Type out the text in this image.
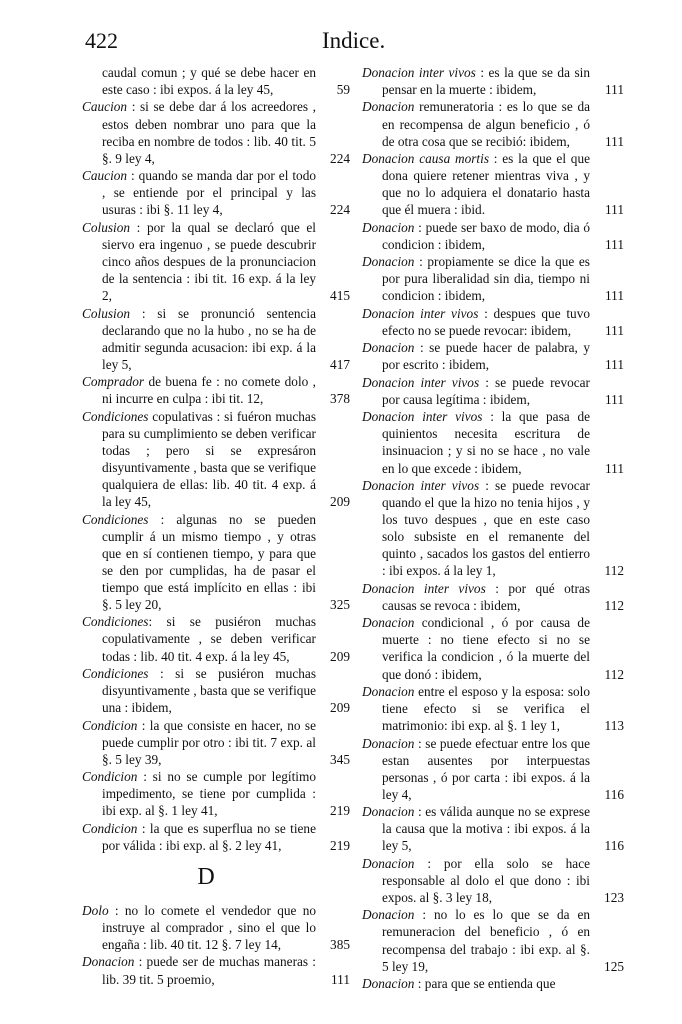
422	Indice.
caudal comun ; y qué se debe hacer en este caso : ibi expos. á la ley 45,	59
Caucion : si se debe dar á los acreedores , estos deben nombrar uno para que la reciba en nombre de todos : lib. 40 tit. 5 §. 9 ley 4,	224
Caucion : quando se manda dar por el todo , se entiende por el principal y las usuras : ibi §. 11 ley 4,	224
Colusion : por la qual se declaró que el siervo era ingenuo , se puede descubrir cinco años despues de la pronunciacion de la sentencia : ibi tit. 16 exp. á la ley 2,	415
Colusion : si se pronunció sentencia declarando que no la hubo , no se ha de admitir segunda acusacion: ibi exp. á la ley 5,	417
Comprador de buena fe : no comete dolo , ni incurre en culpa : ibi tit. 12,	378
Condiciones copulativas : si fuéron muchas para su cumplimiento se deben verificar todas ; pero si se expresáron disyuntivamente , basta que se verifique qualquiera de ellas: lib. 40 tit. 4 exp. á la ley 45,	209
Condiciones : algunas no se pueden cumplir á un mismo tiempo , y otras que en sí contienen tiempo, y para que se den por cumplidas, ha de pasar el tiempo que está implícito en ellas : ibi §. 5 ley 20,	325
Condiciones: si se pusiéron muchas copulativamente , se deben verificar todas : lib. 40 tit. 4 exp. á la ley 45,	209
Condiciones : si se pusiéron muchas disyuntivamente , basta que se verifique una : ibidem,	209
Condicion : la que consiste en hacer, no se puede cumplir por otro : ibi tit. 7 exp. al §. 5 ley 39,	345
Condicion : si no se cumple por legítimo impedimento, se tiene por cumplida : ibi exp. al §. 1 ley 41,	219
Condicion : la que es superflua no se tiene por válida : ibi exp. al §. 2 ley 41,	219
D
Dolo : no lo comete el vendedor que no instruye al comprador , sino el que lo engaña : lib. 40 tit. 12 §. 7 ley 14,	385
Donacion : puede ser de muchas maneras : lib. 39 tit. 5 proemio,	111
Donacion inter vivos : es la que se da sin pensar en la muerte : ibidem,	111
Donacion remuneratoria : es lo que se da en recompensa de algun beneficio , ó de otra cosa que se recibió: ibidem,	111
Donacion causa mortis : es la que el que dona quiere retener mientras viva , y que no lo adquiera el donatario hasta que él muera : ibid.	111
Donacion : puede ser baxo de modo, dia ó condicion : ibidem,	111
Donacion : propiamente se dice la que es por pura liberalidad sin dia, tiempo ni condicion : ibidem,	111
Donacion inter vivos : despues que tuvo efecto no se puede revocar: ibidem,	111
Donacion : se puede hacer de palabra, y por escrito : ibidem,	111
Donacion inter vivos : se puede revocar por causa legítima : ibidem,	111
Donacion inter vivos : la que pasa de quinientos necesita escritura de insinuacion ; y si no se hace , no vale en lo que excede : ibidem,	111
Donacion inter vivos : se puede revocar quando el que la hizo no tenia hijos , y los tuvo despues , que en este caso solo subsiste en el remanente del quinto , sacados los gastos del entierro : ibi expos. á la ley 1,	112
Donacion inter vivos : por qué otras causas se revoca : ibidem,	112
Donacion condicional , ó por causa de muerte : no tiene efecto si no se verifica la condicion , ó la muerte del que donó : ibidem,	112
Donacion entre el esposo y la esposa: solo tiene efecto si se verifica el matrimonio: ibi exp. al §. 1 ley 1,	113
Donacion : se puede efectuar entre los que estan ausentes por interpuestas personas , ó por carta : ibi expos. á la ley 4,	116
Donacion : es válida aunque no se exprese la causa que la motiva : ibi expos. á la ley 5,	116
Donacion : por ella solo se hace responsable al dolo el que dono : ibi expos. al §. 3 ley 18,	123
Donacion : no lo es lo que se da en remuneracion del beneficio , ó en recompensa del trabajo : ibi exp. al §. 5 ley 19,	125
Donacion : para que se entienda que
